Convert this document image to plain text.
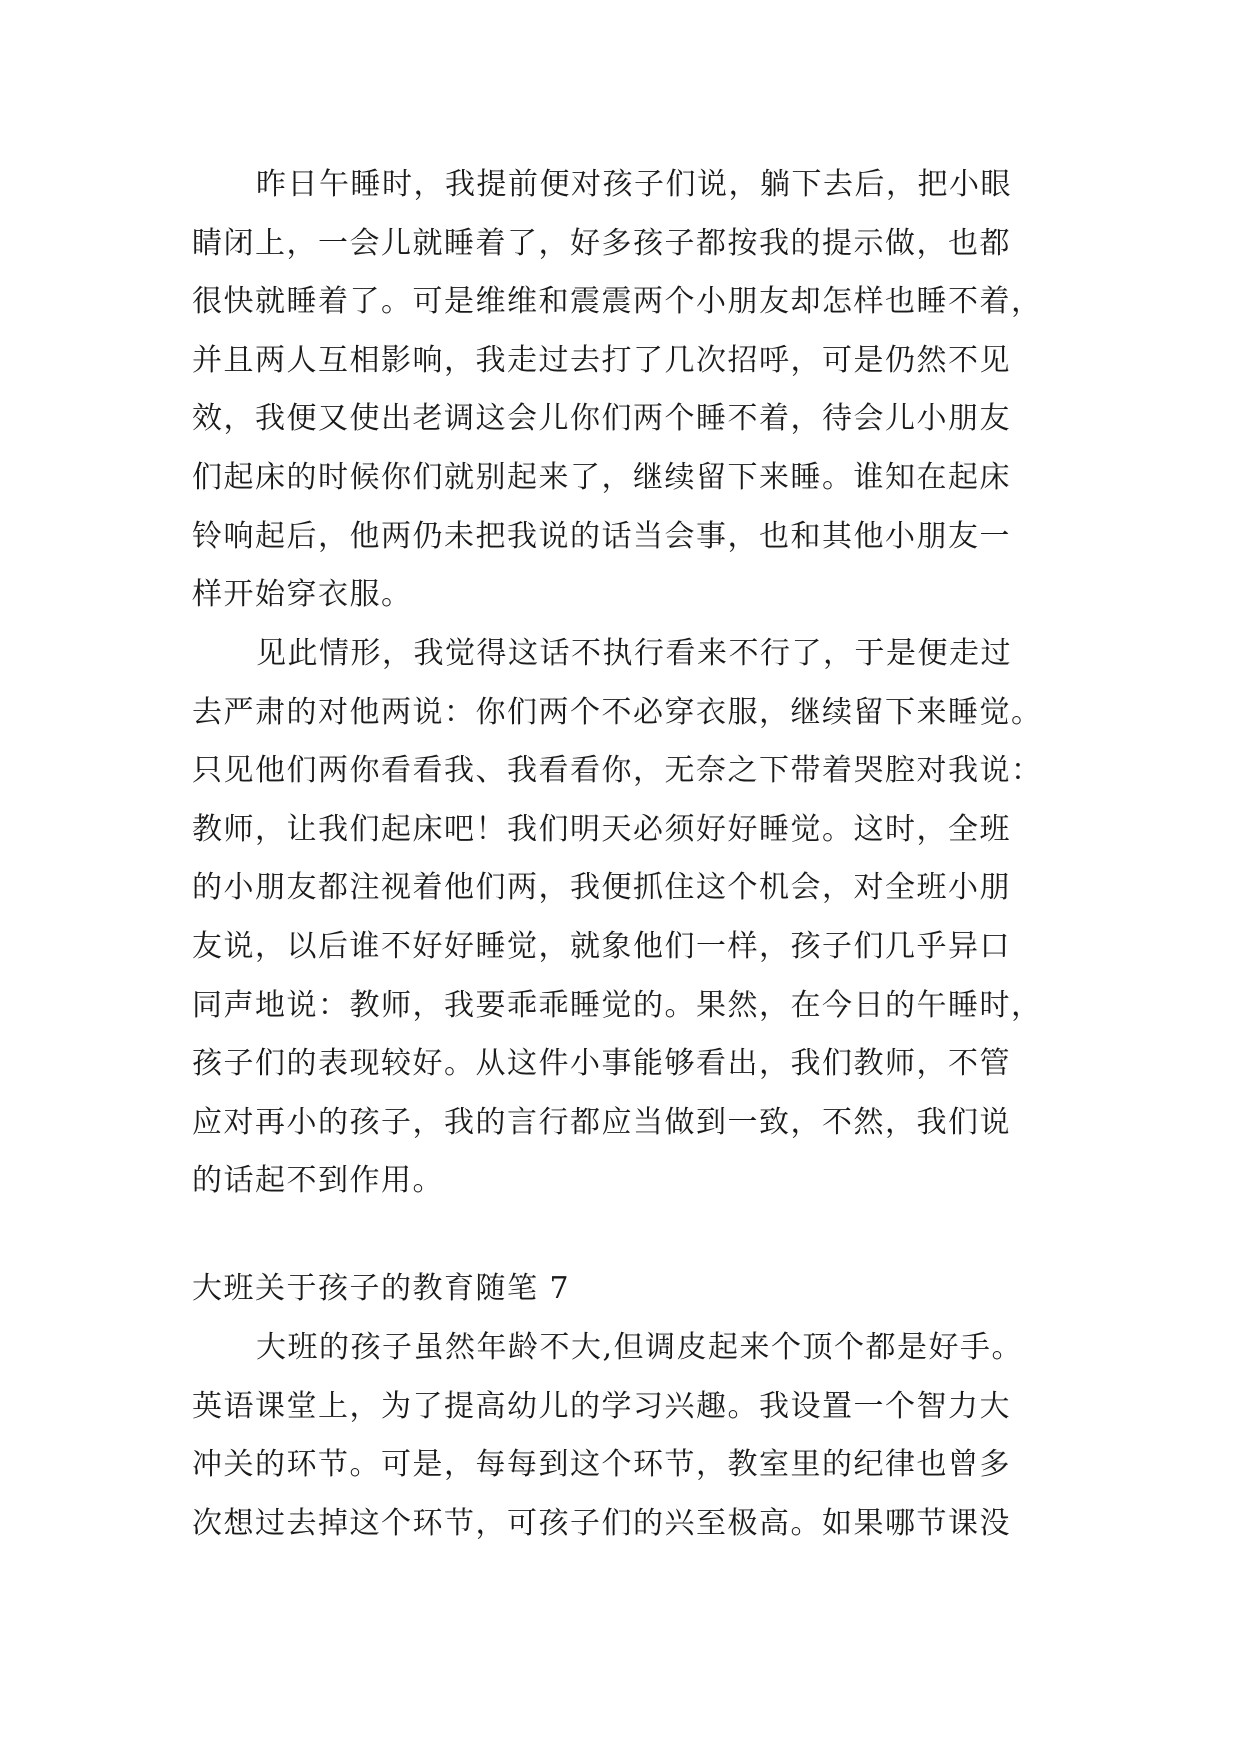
昨日午睡时，我提前便对孩子们说，躺下去后，把小眼
睛闭上，一会儿就睡着了，好多孩子都按我的提示做，也都
很快就睡着了。可是维维和震震两个小朋友却怎样也睡不着，
并且两人互相影响，我走过去打了几次招呼，可是仍然不见
效，我便又使出老调这会儿你们两个睡不着，待会儿小朋友
们起床的时候你们就别起来了，继续留下来睡。谁知在起床
铃响起后，他两仍未把我说的话当会事，也和其他小朋友一
样开始穿衣服。
见此情形，我觉得这话不执行看来不行了，于是便走过
去严肃的对他两说：你们两个不必穿衣服，继续留下来睡觉。
只见他们两你看看我、我看看你，无奈之下带着哭腔对我说：
教师，让我们起床吧！我们明天必须好好睡觉。这时，全班
的小朋友都注视着他们两，我便抓住这个机会，对全班小朋
友说，以后谁不好好睡觉，就象他们一样，孩子们几乎异口
同声地说：教师，我要乖乖睡觉的。果然，在今日的午睡时，
孩子们的表现较好。从这件小事能够看出，我们教师，不管
应对再小的孩子，我的言行都应当做到一致，不然，我们说
的话起不到作用。
大班关于孩子的教育随笔 7
大班的孩子虽然年龄不大,但调皮起来个顶个都是好手。
英语课堂上，为了提高幼儿的学习兴趣。我设置一个智力大
冲关的环节。可是，每每到这个环节，教室里的纪律也曾多
次想过去掉这个环节，可孩子们的兴至极高。如果哪节课没
